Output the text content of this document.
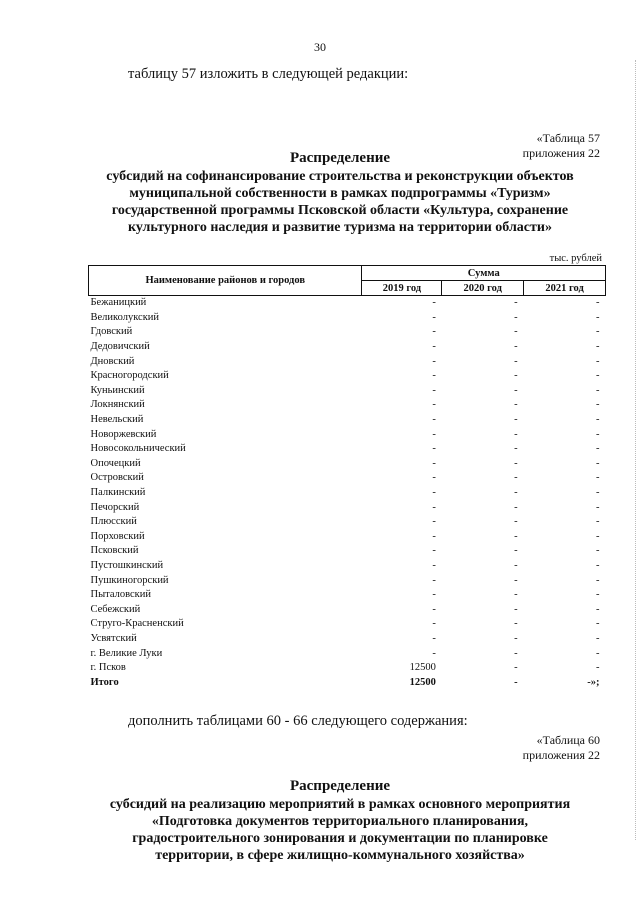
30
таблицу 57 изложить в следующей редакции:
«Таблица 57
приложения 22
Распределение
субсидий на софинансирование строительства и реконструкции объектов
муниципальной собственности в рамках подпрограммы «Туризм»
государственной программы Псковской области «Культура, сохранение
культурного наследия и развитие туризма на территории области»
тыс. рублей
Наименование районов и городов	Сумма		
	2019 год	2020 год	2021 год
Бежаницкий	-	-	-
Великолукский	-	-	-
Гдовский	-	-	-
Дедовичский	-	-	-
Дновский	-	-	-
Красногородский	-	-	-
Куньинский	-	-	-
Локнянский	-	-	-
Невельский	-	-	-
Новоржевский	-	-	-
Новосокольнический	-	-	-
Опочецкий	-	-	-
Островский	-	-	-
Палкинский	-	-	-
Печорский	-	-	-
Плюсский	-	-	-
Порховский	-	-	-
Псковский	-	-	-
Пустошкинский	-	-	-
Пушкиногорский	-	-	-
Пыталовский	-	-	-
Себежский	-	-	-
Струго-Красненский	-	-	-
Усвятский	-	-	-
г. Великие Луки	-	-	-
г. Псков	12500	-	-
Итого	12500	-	-»;
дополнить таблицами 60 - 66 следующего содержания:
«Таблица 60
приложения 22
Распределение
субсидий на реализацию мероприятий в рамках основного мероприятия
«Подготовка документов территориального планирования,
градостроительного зонирования и документации по планировке
территории, в сфере жилищно-коммунального хозяйства»
